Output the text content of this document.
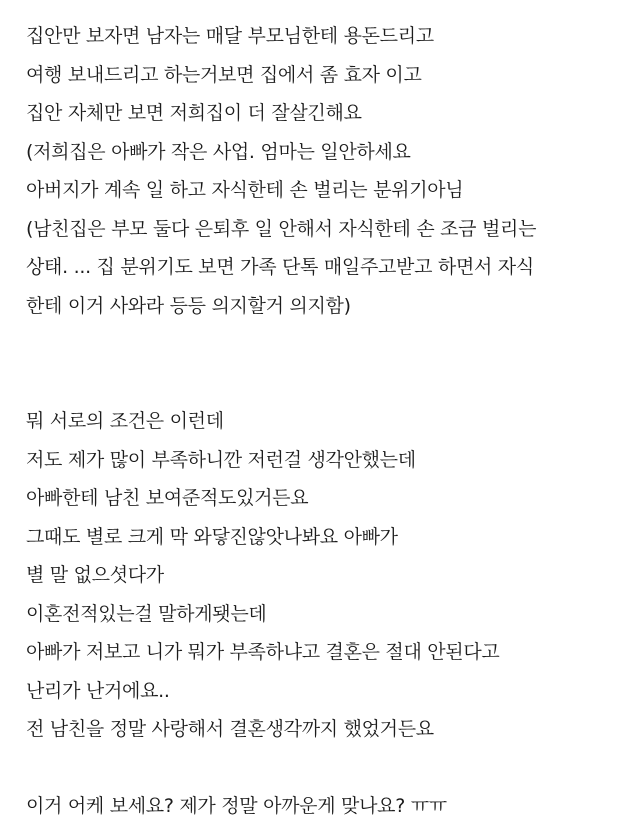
집안만 보자면 남자는 매달 부모님한테 용돈드리고
여행 보내드리고 하는거보면 집에서 좀 효자 이고
집안 자체만 보면 저희집이 더 잘살긴해요
(저희집은 아빠가 작은 사업. 엄마는 일안하세요
아버지가 계속 일 하고 자식한테 손 벌리는 분위기아님
(남친집은 부모 둘다 은퇴후 일 안해서 자식한테 손 조금 벌리는
상태. ... 집 분위기도 보면 가족 단톡 매일주고받고 하면서 자식
한테 이거 사와라 등등 의지할거 의지함)
뭐 서로의 조건은 이런데
저도 제가 많이 부족하니깐 저런걸 생각안했는데
아빠한테 남친 보여준적도있거든요
그때도 별로 크게 막 와닿진않앗나봐요 아빠가
별 말 없으셧다가
이혼전적있는걸 말하게됏는데
아빠가 저보고 니가 뭐가 부족하냐고 결혼은 절대 안된다고
난리가 난거에요..
전 남친을 정말 사랑해서 결혼생각까지 했었거든요
이거 어케 보세요? 제가 정말 아까운게 맞나요? ㅠㅠ
